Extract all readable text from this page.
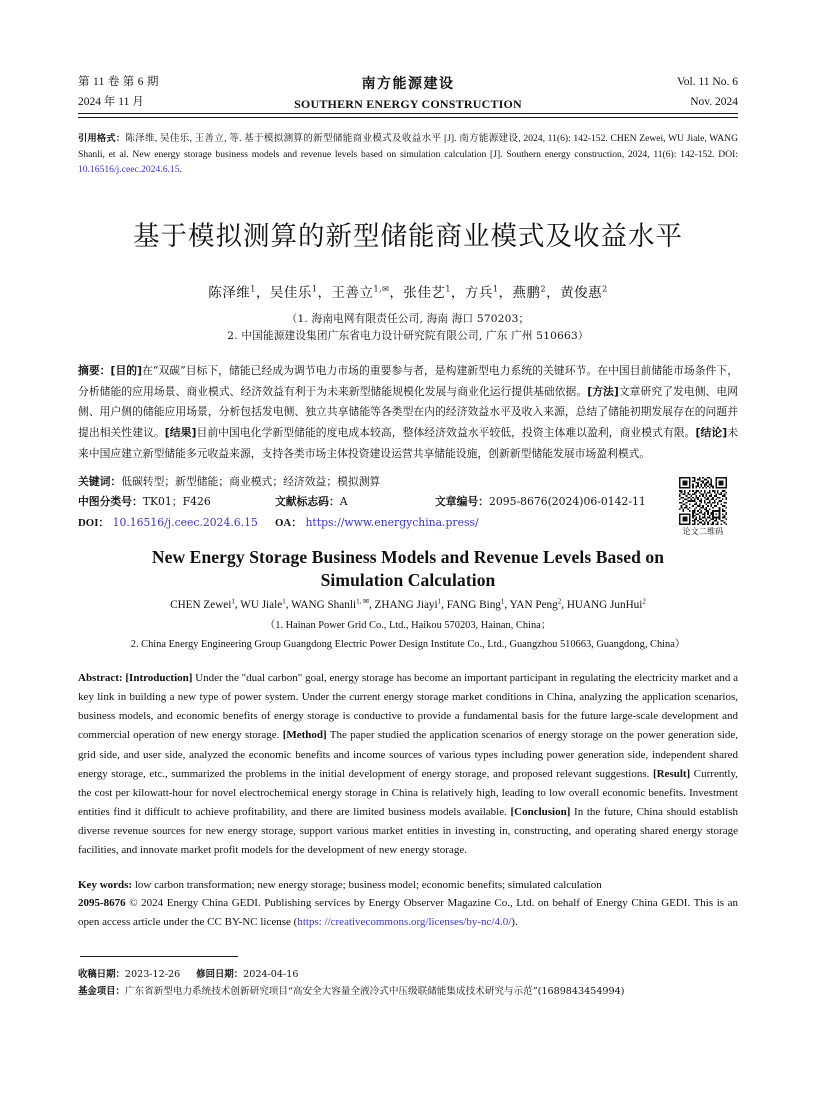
第 11 卷 第 6 期
2024 年 11 月
南方能源建设
SOUTHERN ENERGY CONSTRUCTION
Vol. 11 No. 6
Nov. 2024
引用格式：陈泽维, 吴佳乐, 王善立, 等. 基于模拟测算的新型储能商业模式及收益水平 [J]. 南方能源建设, 2024, 11(6): 142-152. CHEN Zewei, WU Jiale, WANG Shanli, et al. New energy storage business models and revenue levels based on simulation calculation [J]. Southern energy construction, 2024, 11(6): 142-152. DOI: 10.16516/j.ceec.2024.6.15.
基于模拟测算的新型储能商业模式及收益水平
陈泽维$^1$，吴佳乐$^1$，王善立$^{1,✉}$，张佳艺$^1$，方兵$^1$，燕鹏$^2$，黄俊惠$^2$
（1. 海南电网有限责任公司, 海南 海口 570203；
2. 中国能源建设集团广东省电力设计研究院有限公司, 广东 广州 510663）
摘要：[目的]在“双碳”目标下，储能已经成为调节电力市场的重要参与者，是构建新型电力系统的关键环节。在中国目前储能市场条件下，分析储能的应用场景、商业模式、经济效益有利于为未来新型储能规模化发展与商业化运行提供基础依据。[方法]文章研究了发电侧、电网侧、用户侧的储能应用场景，分析包括发电侧、独立共享储能等各类型在内的经济效益水平及收入来源，总结了储能初期发展存在的问题并提出相关性建议。[结果]目前中国电化学新型储能的度电成本较高，整体经济效益水平较低，投资主体难以盈利，商业模式有限。[结论]未来中国应建立新型储能多元收益来源，支持各类市场主体投资建设运营共享储能设施，创新新型储能发展市场盈利模式。
关键词：低碳转型；新型储能；商业模式；经济效益；模拟测算
中图分类号：TK01；F426	文献标志码：A	文章编号：2095-8676(2024)06-0142-11
DOI： 10.16516/j.ceec.2024.6.15 OA： https://www.energychina.press/
论文二维码
New Energy Storage Business Models and Revenue Levels Based on
Simulation Calculation
CHEN Zewei$^1$, WU Jiale$^1$, WANG Shanli$^{1, ✉}$, ZHANG Jiayi$^1$, FANG Bing$^1$, YAN Peng$^2$, HUANG JunHui$^2$
（1. Hainan Power Grid Co., Ltd., Haikou 570203, Hainan, China；
2. China Energy Engineering Group Guangdong Electric Power Design Institute Co., Ltd., Guangzhou 510663, Guangdong, China）
Abstract: [Introduction] Under the "dual carbon" goal, energy storage has become an important participant in regulating the electricity market and a key link in building a new type of power system. Under the current energy storage market conditions in China, analyzing the application scenarios, business models, and economic benefits of energy storage is conductive to provide a fundamental basis for the future large-scale development and commercial operation of new energy storage. [Method] The paper studied the application scenarios of energy storage on the power generation side, grid side, and user side, analyzed the economic benefits and income sources of various types including power generation side, independent shared energy storage, etc., summarized the problems in the initial development of energy storage, and proposed relevant suggestions. [Result] Currently, the cost per kilowatt-hour for novel electrochemical energy storage in China is relatively high, leading to low overall economic benefits. Investment entities find it difficult to achieve profitability, and there are limited business models available. [Conclusion] In the future, China should establish diverse revenue sources for new energy storage, support various market entities in investing in, constructing, and operating shared energy storage facilities, and innovate market profit models for the development of new energy storage.
Key words: low carbon transformation; new energy storage; business model; economic benefits; simulated calculation
2095-8676 © 2024 Energy China GEDI. Publishing services by Energy Observer Magazine Co., Ltd. on behalf of Energy China GEDI. This is an open access article under the CC BY-NC license (https: //creativecommons.org/licenses/by-nc/4.0/).
收稿日期：2023-12-26 修回日期：2024-04-16
基金项目：广东省新型电力系统技术创新研究项目“高安全大容量全液冷式中压级联储能集成技术研究与示范”(1689843454994)
